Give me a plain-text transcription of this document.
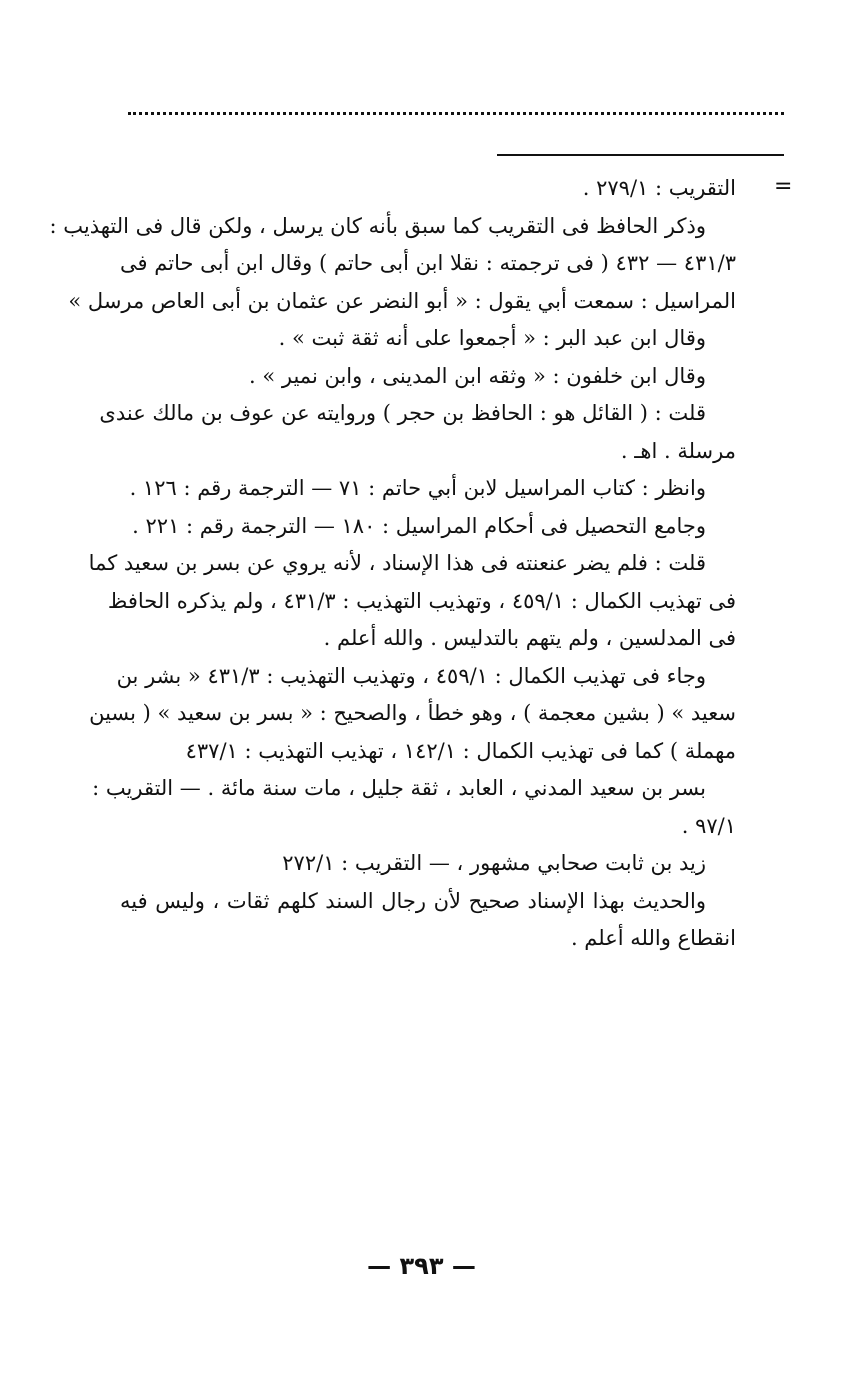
=
التقريب : ٢٧٩/١ .
وذكر الحافظ فى التقريب كما سبق بأنه كان يرسل ، ولكن قال فى التهذيب :
٤٣١/٣ — ٤٣٢ ( فى ترجمته : نقلا ابن أبى حاتم ) وقال ابن أبى حاتم فى
المراسيل : سمعت أبي يقول : « أبو النضر عن عثمان بن أبى العاص مرسل »
وقال ابن عبد البر : « أجمعوا على أنه ثقة ثبت » .
وقال ابن خلفون : « وثقه ابن المدينى ، وابن نمير » .
قلت : ( القائل هو : الحافظ بن حجر ) وروايته عن عوف بن مالك عندى
مرسلة . اهـ .
وانظر : كتاب المراسيل لابن أبي حاتم : ٧١ — الترجمة رقم : ١٢٦ .
وجامع التحصيل فى أحكام المراسيل : ١٨٠ — الترجمة رقم : ٢٢١ .
قلت : فلم يضر عنعنته فى هذا الإسناد ، لأنه يروي عن بسر بن سعيد كما
فى تهذيب الكمال : ٤٥٩/١ ، وتهذيب التهذيب : ٤٣١/٣ ، ولم يذكره الحافظ
فى المدلسين ، ولم يتهم بالتدليس . والله أعلم .
وجاء فى تهذيب الكمال : ٤٥٩/١ ، وتهذيب التهذيب : ٤٣١/٣ « بشر بن
سعيد » ( بشين معجمة ) ، وهو خطأ ، والصحيح : « بسر بن سعيد » ( بسين
مهملة ) كما فى تهذيب الكمال : ١٤٢/١ ، تهذيب التهذيب : ٤٣٧/١
بسر بن سعيد المدني ، العابد ، ثقة جليل ، مات سنة مائة . — التقريب :
٩٧/١ .
زيد بن ثابت صحابي مشهور ، — التقريب : ٢٧٢/١
والحديث بهذا الإسناد صحيح لأن رجال السند كلهم ثقات ، وليس فيه
انقطاع والله أعلم .
— ٣٩٣ —
